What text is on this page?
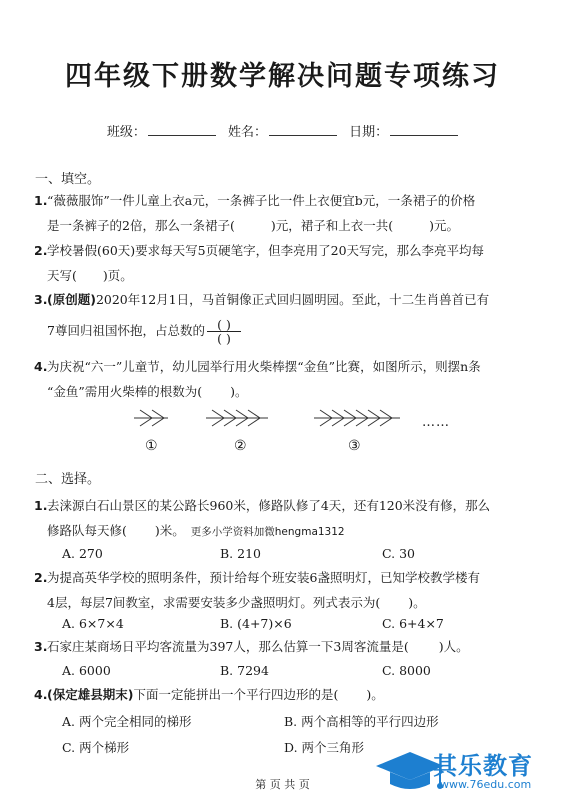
四年级下册数学解决问题专项练习
班级：	姓名：	日期：
一、填空。
1. “薇薇服饰”一件儿童上衣a元，一条裤子比一件上衣便宜b元，一条裙子的价格
是一条裤子的2倍，那么一条裙子(	)元，裙子和上衣一共(	)元。
2. 学校暑假(60天)要求每天写5页硬笔字，但李亮用了20天写完，那么李亮平均每
天写( )页。
3. (原创题)2020年12月1日，马首铜像正式回归圆明园。至此，十二生肖兽首已有
7尊回归祖国怀抱，占总数的 $\frac{( )}{( )}$
4. 为庆祝“六一”儿童节，幼儿园举行用火柴棒摆“金鱼”比赛，如图所示，则摆n条
“金鱼”需用火柴棒的根数为( )。
……
①	②	③
二、选择。
1. 去涞源白石山景区的某公路长960米，修路队修了4天，还有120米没有修，那么
修路队每天修( )米。 更多小学资料加微hengma1312
A. 270	B. 210	C. 30
2. 为提高英华学校的照明条件，预计给每个班安装6盏照明灯，已知学校教学楼有
4层，每层7间教室，求需要安装多少盏照明灯。列式表示为( )。
A. 6×7×4	B. (4+7)×6	C. 6+4×7
3. 石家庄某商场日平均客流量为397人，那么估算一下3周客流量是( )人。
A. 6000	B. 7294	C. 8000
4. (保定雄县期末)下面一定能拼出一个平行四边形的是( )。
A. 两个完全相同的梯形	B. 两个高相等的平行四边形
C. 两个梯形	D. 两个三角形
第 页 共 页
其乐教育
www.76edu.com
